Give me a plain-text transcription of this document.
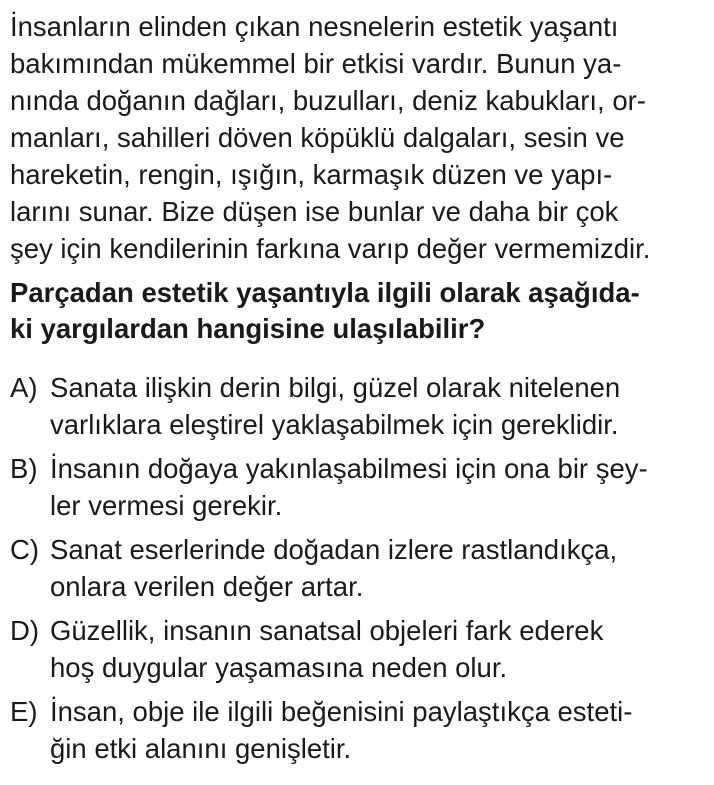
İnsanların elinden çıkan nesnelerin estetik yaşantı
bakımından mükemmel bir etkisi vardır. Bunun ya-
nında doğanın dağları, buzulları, deniz kabukları, or-
manları, sahilleri döven köpüklü dalgaları, sesin ve
hareketin, rengin, ışığın, karmaşık düzen ve yapı-
larını sunar. Bize düşen ise bunlar ve daha bir çok
şey için kendilerinin farkına varıp değer vermemizdir.
Parçadan estetik yaşantıyla ilgili olarak aşağıda-
ki yargılardan hangisine ulaşılabilir?
A) Sanata ilişkin derin bilgi, güzel olarak nitelenen
varlıklara eleştirel yaklaşabilmek için gereklidir.
B) İnsanın doğaya yakınlaşabilmesi için ona bir şey-
ler vermesi gerekir.
C) Sanat eserlerinde doğadan izlere rastlandıkça,
onlara verilen değer artar.
D) Güzellik, insanın sanatsal objeleri fark ederek
hoş duygular yaşamasına neden olur.
E) İnsan, obje ile ilgili beğenisini paylaştıkça esteti-
ğin etki alanını genişletir.
